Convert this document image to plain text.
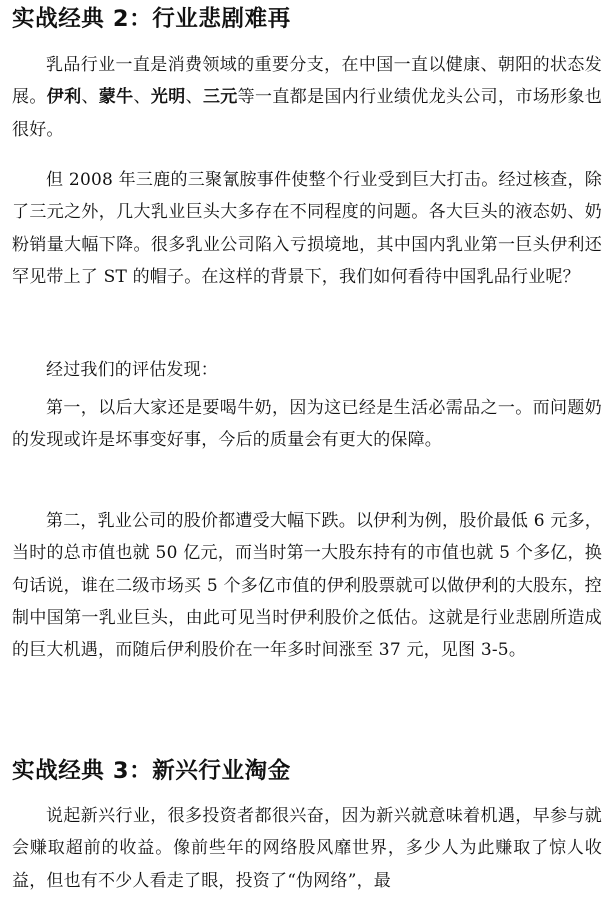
实战经典 2：行业悲剧难再

乳品行业一直是消费领域的重要分支，在中国一直以健康、朝阳的状态发展。伊利、蒙牛、光明、三元等一直都是国内行业绩优龙头公司，市场形象也很好。

但 2008 年三鹿的三聚氰胺事件使整个行业受到巨大打击。经过核查，除了三元之外，几大乳业巨头大多存在不同程度的问题。各大巨头的液态奶、奶粉销量大幅下降。很多乳业公司陷入亏损境地，其中国内乳业第一巨头伊利还罕见带上了 ST 的帽子。在这样的背景下，我们如何看待中国乳品行业呢？

经过我们的评估发现：

第一，以后大家还是要喝牛奶，因为这已经是生活必需品之一。而问题奶的发现或许是坏事变好事，今后的质量会有更大的保障。

第二，乳业公司的股价都遭受大幅下跌。以伊利为例，股价最低 6 元多，当时的总市值也就 50 亿元，而当时第一大股东持有的市值也就 5 个多亿，换句话说，谁在二级市场买 5 个多亿市值的伊利股票就可以做伊利的大股东，控制中国第一乳业巨头，由此可见当时伊利股价之低估。这就是行业悲剧所造成的巨大机遇，而随后伊利股价在一年多时间涨至 37 元，见图 3-5。

实战经典 3：新兴行业淘金

说起新兴行业，很多投资者都很兴奋，因为新兴就意味着机遇，早参与就会赚取超前的收益。像前些年的网络股风靡世界，多少人为此赚取了惊人收益，但也有不少人看走了眼，投资了“伪网络”，最
